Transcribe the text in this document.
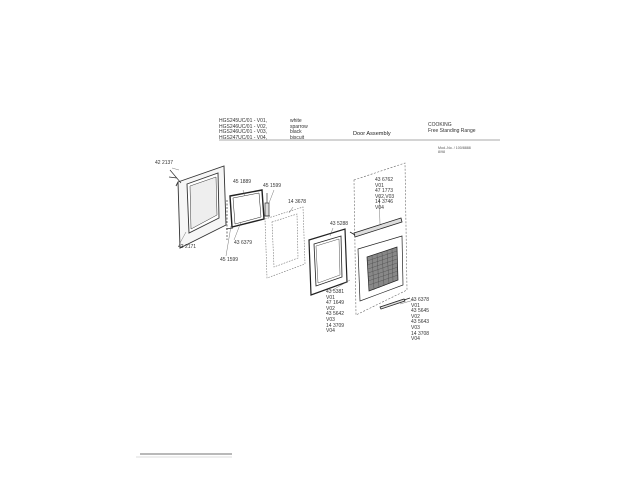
HGS245UC/01 - V01,
HGS246UC/01 - V02,
HGS246UC/01 - V03,
HGS247UC/01 - V04,
white
sparrow
black
biscuit
Door Assembly
COOKING
Free Standing Range
Mod.-No. / 100/8888
8/98
42 2137
42 2171
45 1889
45 1599
45 1599
43 6379
14 3678
43 5288
43 6762
V01
47 1773
V02,V03
14 3746
V04
43 5381
V01
47 1649
V02
43 5642
V03
14 3709
V04
43 6378
V01
43 5645
V02
43 5643
V03
14 3708
V04
